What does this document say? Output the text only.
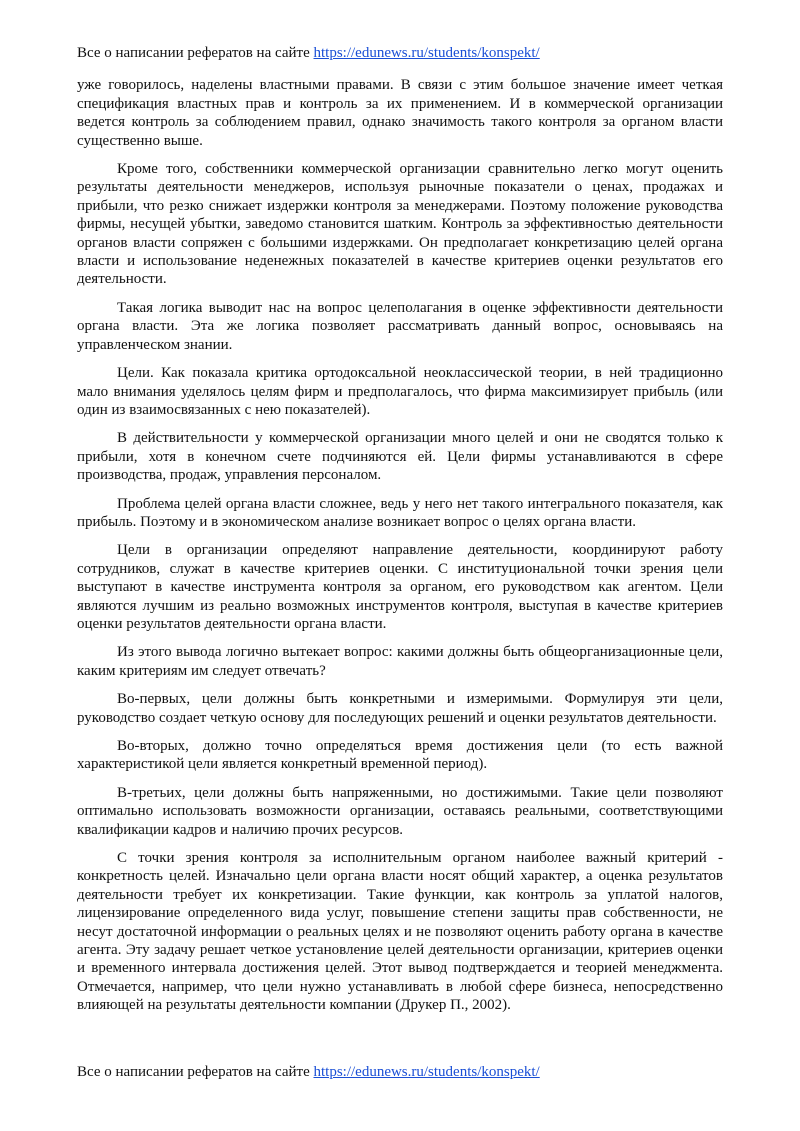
Все о написании рефератов на сайте https://edunews.ru/students/konspekt/

уже говорилось, наделены властными правами. В связи с этим большое значение имеет четкая спецификация властных прав и контроль за их применением. И в коммерческой организации ведется контроль за соблюдением правил, однако значимость такого контроля за органом власти существенно выше.

Кроме того, собственники коммерческой организации сравнительно легко могут оценить результаты деятельности менеджеров, используя рыночные показатели о ценах, продажах и прибыли, что резко снижает издержки контроля за менеджерами. Поэтому положение руководства фирмы, несущей убытки, заведомо становится шатким. Контроль за эффективностью деятельности органов власти сопряжен с большими издержками. Он предполагает конкретизацию целей органа власти и использование неденежных показателей в качестве критериев оценки результатов его деятельности.

Такая логика выводит нас на вопрос целеполагания в оценке эффективности деятельности органа власти. Эта же логика позволяет рассматривать данный вопрос, основываясь на управленческом знании.

Цели. Как показала критика ортодоксальной неоклассической теории, в ней традиционно мало внимания уделялось целям фирм и предполагалось, что фирма максимизирует прибыль (или один из взаимосвязанных с нею показателей).

В действительности у коммерческой организации много целей и они не сводятся только к прибыли, хотя в конечном счете подчиняются ей. Цели фирмы устанавливаются в сфере производства, продаж, управления персоналом.

Проблема целей органа власти сложнее, ведь у него нет такого интегрального показателя, как прибыль. Поэтому и в экономическом анализе возникает вопрос о целях органа власти.

Цели в организации определяют направление деятельности, координируют работу сотрудников, служат в качестве критериев оценки. С институциональной точки зрения цели выступают в качестве инструмента контроля за органом, его руководством как агентом. Цели являются лучшим из реально возможных инструментов контроля, выступая в качестве критериев оценки результатов деятельности органа власти.

Из этого вывода логично вытекает вопрос: какими должны быть общеорганизационные цели, каким критериям им следует отвечать?

Во-первых, цели должны быть конкретными и измеримыми. Формулируя эти цели, руководство создает четкую основу для последующих решений и оценки результатов деятельности.

Во-вторых, должно точно определяться время достижения цели (то есть важной характеристикой цели является конкретный временной период).

В-третьих, цели должны быть напряженными, но достижимыми. Такие цели позволяют оптимально использовать возможности организации, оставаясь реальными, соответствующими квалификации кадров и наличию прочих ресурсов.

С точки зрения контроля за исполнительным органом наиболее важный критерий - конкретность целей. Изначально цели органа власти носят общий характер, а оценка результатов деятельности требует их конкретизации. Такие функции, как контроль за уплатой налогов, лицензирование определенного вида услуг, повышение степени защиты прав собственности, не несут достаточной информации о реальных целях и не позволяют оценить работу органа в качестве агента. Эту задачу решает четкое установление целей деятельности организации, критериев оценки и временного интервала достижения целей. Этот вывод подтверждается и теорией менеджмента. Отмечается, например, что цели нужно устанавливать в любой сфере бизнеса, непосредственно влияющей на результаты деятельности компании (Друкер П., 2002).

Все о написании рефератов на сайте https://edunews.ru/students/konspekt/
